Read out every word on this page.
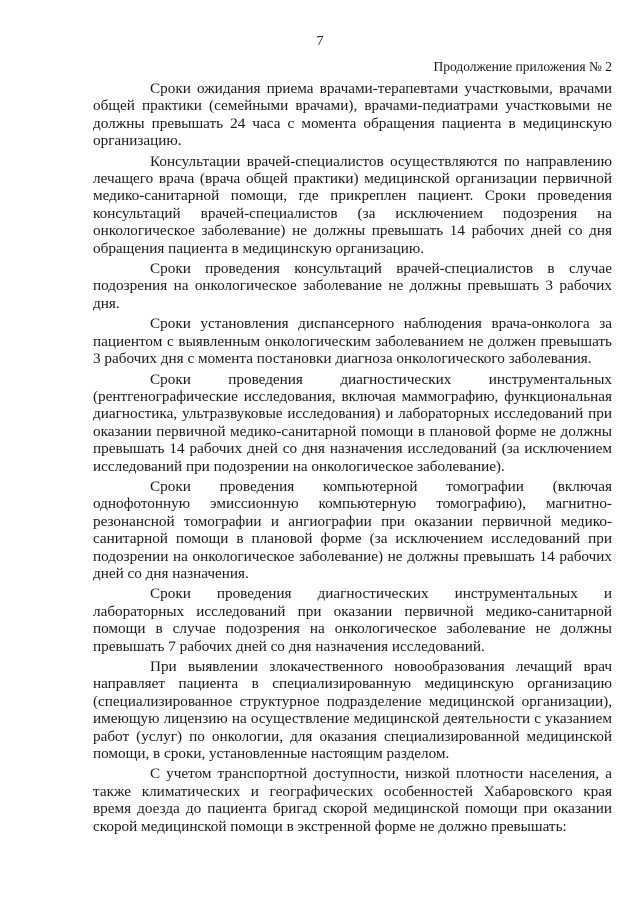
7
Продолжение приложения № 2

Сроки ожидания приема врачами-терапевтами участковыми, врачами общей практики (семейными врачами), врачами-педиатрами участковыми не должны превышать 24 часа с момента обращения пациента в медицинскую организацию.

Консультации врачей-специалистов осуществляются по направлению лечащего врача (врача общей практики) медицинской организации первичной медико-санитарной помощи, где прикреплен пациент. Сроки проведения консультаций врачей-специалистов (за исключением подозрения на онкологическое заболевание) не должны превышать 14 рабочих дней со дня обращения пациента в медицинскую организацию.

Сроки проведения консультаций врачей-специалистов в случае подозрения на онкологическое заболевание не должны превышать 3 рабочих дня.

Сроки установления диспансерного наблюдения врача-онколога за пациентом с выявленным онкологическим заболеванием не должен превышать 3 рабочих дня с момента постановки диагноза онкологического заболевания.

Сроки проведения диагностических инструментальных (рентгенографические исследования, включая маммографию, функциональная диагностика, ультразвуковые исследования) и лабораторных исследований при оказании первичной медико-санитарной помощи в плановой форме не должны превышать 14 рабочих дней со дня назначения исследований (за исключением исследований при подозрении на онкологическое заболевание).

Сроки проведения компьютерной томографии (включая однофотонную эмиссионную компьютерную томографию), магнитно-резонансной томографии и ангиографии при оказании первичной медико-санитарной помощи в плановой форме (за исключением исследований при подозрении на онкологическое заболевание) не должны превышать 14 рабочих дней со дня назначения.

Сроки проведения диагностических инструментальных и лабораторных исследований при оказании первичной медико-санитарной помощи в случае подозрения на онкологическое заболевание не должны превышать 7 рабочих дней со дня назначения исследований.

При выявлении злокачественного новообразования лечащий врач направляет пациента в специализированную медицинскую организацию (специализированное структурное подразделение медицинской организации), имеющую лицензию на осуществление медицинской деятельности с указанием работ (услуг) по онкологии, для оказания специализированной медицинской помощи, в сроки, установленные настоящим разделом.

С учетом транспортной доступности, низкой плотности населения, а также климатических и географических особенностей Хабаровского края время доезда до пациента бригад скорой медицинской помощи при оказании скорой медицинской помощи в экстренной форме не должно превышать:
